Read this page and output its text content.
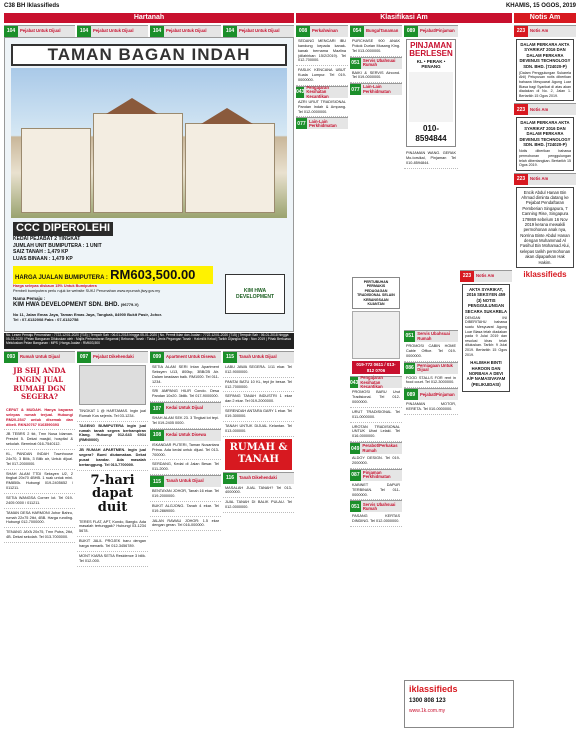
C38 BH Iklassifieds	KHAMIS, 15 OGOS, 2019
Hartanah	Klasifikasi Am	Notis Am
104	Pejabat Untuk Dijual	104	Pejabat Untuk Dijual	104	Pejabat Untuk Dijual	104	Pejabat Untuk Dijual
TAMAN BAGAN INDAH
CCC DIPEROLEHI
KEDAI PEJABAT 2 TINGKAT
JUMLAH UNIT BUMIPUTERA : 1 UNIT
SAIZ TANAH : 1,479 KP
LUAS BINAAN : 1,479 KP
HARGA JUALAN BUMIPUTERA : RM603,500.00
Harga selepas diskaun 15% Untuk Bumiputera
Pembeli bumiputera perlu rujuk ke website SUKJ Perumahan www.epumah.jtwy.gov.my
Nama Pemaju :
KIM HWA DEVELOPMENT SDN. BHD. (96779-V)
No 11, Jalan Emas Jaya, Taman Emas Jaya, Tangkak, 84900 Bukit Pasir, Johor.
Tel : 07-6132008 Faks : 07-6132758
KIM HWA DEVELOPMENT
No. Lesen Pemaju Perumahan : 7722-12/01-2020 (T15) | Tempoh Sah : 06-01-2018 hingga 05-01-2020 | No. Permit Iklan dan Jualan : 7722-12/01-2020 (T15) | Tempoh Sah : 06-01-2018 hingga 05-01-2020 | Pelan Bangunan Diluluskan oleh : Majlis Perbandaran Segamat | Bebanan Tanah : Tiada | Jenis Pegangan Tanah : Hakmilik Kekal | Tarikh Dijangka Siap : Nov 2019 | Pihak Berkuasa Meluluskan Pelan Bangunan : MPS | Harga Jualan : RM603,500
093	Rumah Untuk Dijual
JB SHJ ANDA INGIN JUAL RUMAH DGN SEGERA?
CEPAT & MUDAH. Hanya bayaran selepas rumah terjual. Hubungi RM20-2547 untuk disemak dan dibeli. RKN20767 0163590393
JB TEBRS 2 tkt, Tmn Nusa Idaman. Presint 5. Dekat masjid, hospital & sekolah. Berminat 016-7540112.
KL, PANDAN INDAH Townhouse 24x70, 3 Bilik, 3 Bilik air, Untuk dijual. Tel 017-2000000.
SHAH ALAM TTDI Seksyen U2, 2 tingkat 20x70 4BHB. 1 ruak untuk mini. RM850k. Hubungi 019-2405652 / 011211.
SETIA WANGSA Corner lot. Tel 019-2405 0000 / 011211.
TAMAN DESA HARMONI Johor Bahru, rumah 22x75 2tkt, 4BB. Harga runding. Hubungi 012-7000000.
TENANG JAYA 20x75, Tmn Putra, 2tkt, 4B. Dekat sekolah. Tel 013-7000000.
097	Pejabat Dikehendaki
TINGKAT 1 @ HARTAMAS. Ingin jual Rumah Kos sejenis. Tel 03-1234.
TAGENG BUMIPUTERA ingin jual rumah tanah segera berhampiran Klang. Hubungi 012-643 6934 (RMN0000)
JB RUMAH APARTMEN. Ingin jual segera? Bumi diutamakan. Dekat pusat bandar. Ada masalah bertanggung. Tel 013-7700000.
7-hari dapat duit
TERES FLAT, APT, Kondo, Banglo. Ada masalah tertunggak? Hubungi 03-1234 5678.
BUKIT JALIL PROJEK baru dengan harga menarik. Tel 012-3456789.
MONT KIARA SETIA Residence 3 bilik. Tel 012-000.
099	Apartment Untuk Disewa
SETIA ALAM SERI Intan Apartment Seksyen U13, 800kp, 3BB/2B Air. Dalam keadaan baik. RM1000. Tel 011-1234.
SRI AMPANG HILIR Condo. Desa Pandan 10x20. 3bilik. Tel 017-9000000.
107	Kedai Untuk Dijual
SHAH ALAM SEK 23. 3 Tingkat lot tepi. Tel 019-2405 0000.
108	Kedai Untuk Disewa
ISKANDAR PUTERI, Taman Nusantara Prima. Ada kedai untuk dijual. Tel 013-700000.
SERDANG, Kedai di Jalan Besar. Tel 011-2000.
115	Tanah Untuk Dijual
BENTAYAN JOHOR, Tanah 16 ekar. Tel 019-2000000.
BUKIT ALGJONG. Tanah 4 ekar. Tel 019-2869000.
JALAN RAWAU JOHOR: 1.5 ekar dengan geran. Tel 016-000000.
115	Tanah Untuk Dijual
LABU JAWA SEGERA. 1/11 ekar. Tel 012-9000000.
PANTAI BATU 10 KL, tepi jln besar. Tel 012-7000000.
SEPANG TANAH INDUSTRI 1 ekar dan 2 ekar. Tel 019-2000000.
SERENDAH ANTARA GARY 1 ekar. Tel 019-300000.
TANAH UNTUK DIJUAL Kelantan. Tel 013-000000.
RUMAH & TANAH
116	Tanah Dikehendaki
MASALAH JUAL TANAH? Tel 013-4000000.
JUAL TANAH DI BALIK PULAU. Tel 012-0000000.
008	Perkahwinan
SEDANG MENCARI IBU kandung kepada kanak-kanak bernama Mazlina (dilahirkan 15/2/2019). Tel 012-700000.
FASLIK KENCANA UBUT Kuala Lumpur. Tel 019-0000000.
043
Pengajaran Kesihatan Kecantikan
AZRI URUT TRADISIONAL Pandan Indah & Ampang. Tel 012-0000000.
077 Lain-Lain Perkhidmatan
054	Bunga/Tanaman
PURCHASE 900 ANAK Pokok Durian Musang King. Tel 013-0000000.
051 Servis Ubahsuai Rumah
BAIKI & SERVIS Aircond. Tel 019-0000000.
077 Lain-Lain Perkhidmatan
089	Pejabat/Pinjaman
PINJAMAN BERLESEN
KL • PERAK • PENANG
010-8594844
PINJAMAN WANG. GERAK Mo-torsikal, Pinjaman Tel 010-8594844.
PERTUBUHAN PERMAKIS PEDAGAGAN TRADISIONAL SELAIN KEBANGSAAN KUANTAN
019-772 0611 / 013-812 0706
043
Pengajaran Kesihatan Kecantikan
PROMOSI BARU Urut Tradisional. Tel 012-0000000.
URUT TRADISIONAL Tel 011-0000000.
UROTAN TRADISIONAL UNTUK Ubat Lelaki. Tel 016-0000000.
049 Perabot/Perkakas Rumah
ALDOY DESIGN. Tel 019-2000000.
087 Pinjaman Perkhidmatan
KABINET DAPUR TERBINAN. Tel 011-0000000.
051 Servis Ubahsuai Rumah
PASANG KERTAS DINDING. Tel 012-0000000.
051 Servis Ubahsuai Rumah
PROMOSI CABIN HOME Cable Office. Tel 019-0000000.
086 Perniagaan Untuk Dijual
FOOD STALLS FOR rent in food court. Tel 012-3000000.
089	Pejabat/Pinjaman
PINJAMAN MOTOR, KERETA. Tel 010-0000000.
iklassifieds
1300 808 123
www.1k.com.my
223	Notis Am
AKTA SYARIKAT, 2016 SEKSYEN 459 (3) NOTIS PENGGULUNGAN SECARA SUKARELA
DENGAN INI DIBERITAHU bahawa suatu Mesyuarat Agung Luar Biasa telah diadakan pada 9 Julai 2019 dan resolusi khas telah diluluskan. Tarikh: 9 Julai 2019. Bertarikh 15 Ogos 2019.
HALIMAH BINTI HAROON DAN NORBAIA A DEVI A/P NAMASIVAYAM (PELIKUIDASI)
223	Notis Am
DALAM PERKARA AKTA SYARIKAT 2016 DAN DALAM PERKARA DEVENUS TECHNOLOGY SDN. BHD. (724020-P)
(Dalam Penggulungan Sukarela Ahli) Pelupusan notis diberikan bahawa Mesyuarat Agung Luar Biasa bagi Syarikat di atas akan diadakan di No. 2, Jalan 1. Bertarikh 15 Ogos 2019.
223	Notis Am
DALAM PERKARA AKTA SYARIKAT 2016 DAN DALAM PERKARA DEVENUS TECHNOLOGY SDN. BHD. (724020-P)
Notis diberikan bahawa permohonan penggulungan telah dibentangkan. Bertarikh 15 Ogos 2019.
223	Notis Am
Encik Abdul Hanan Bin Ahmad diminta datang ke Pejabat Pendaftaran Pemberian Singapura, 7 Canning Rise, Singapura 179869 sebelum 16 Nov 2019 kerana mewakili permohonan anak nya, Norrina Binte Abdul Hanan dengan Muhammad Al Fasihul Bin Mohamad Alui, selepas tarikh permohonan akan dipaparkan Hak Hakim.
iklassifieds
